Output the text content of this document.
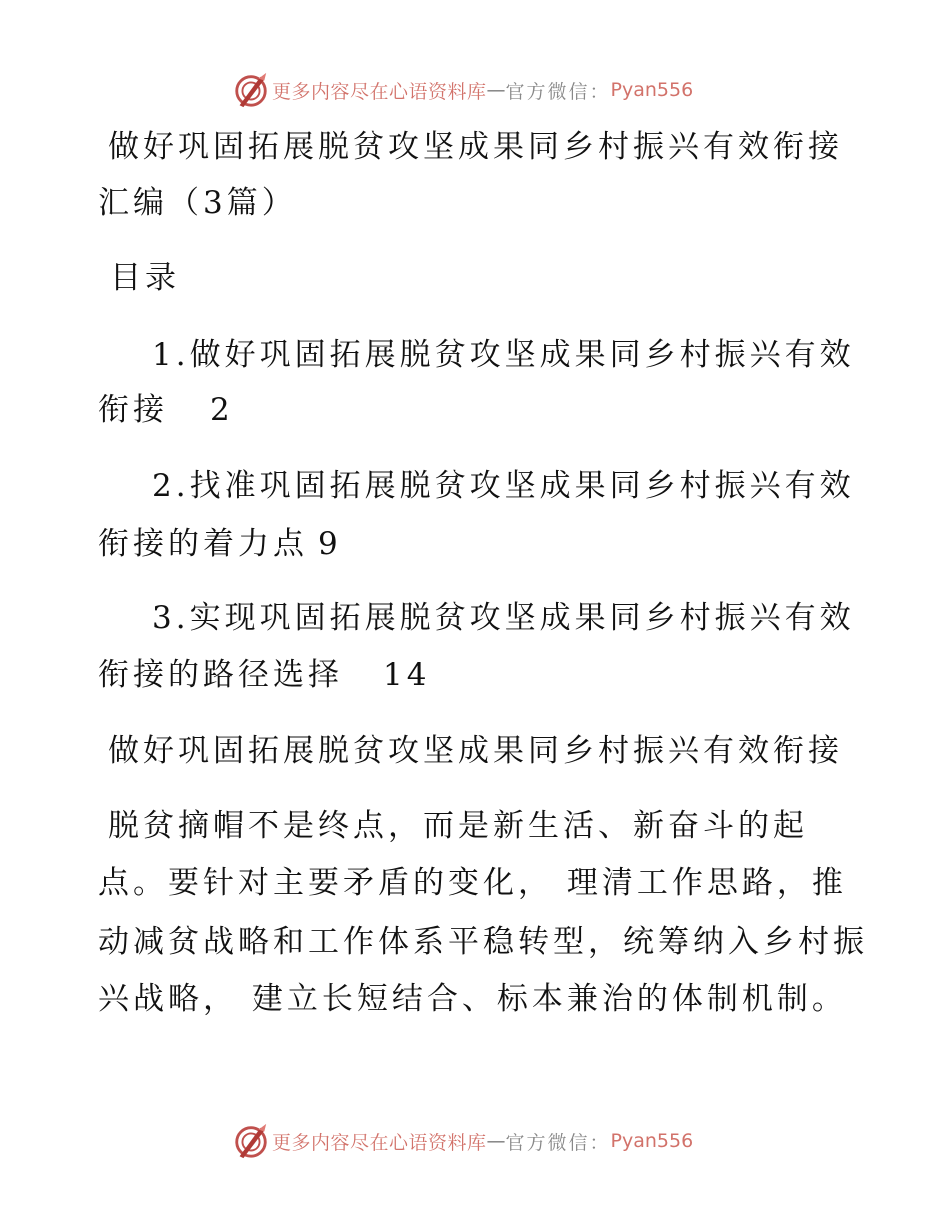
更多内容尽在心语资料库 — 官方微信： Pyan556
做好巩固拓展脱贫攻坚成果同乡村振兴有效衔接
汇编（3篇）
目录
1.做好巩固拓展脱贫攻坚成果同乡村振兴有效
衔接 2
2.找准巩固拓展脱贫攻坚成果同乡村振兴有效
衔接的着力点 9
3.实现巩固拓展脱贫攻坚成果同乡村振兴有效
衔接的路径选择 14
做好巩固拓展脱贫攻坚成果同乡村振兴有效衔接
脱贫摘帽不是终点，而是新生活、新奋斗的起
点。要针对主要矛盾的变化， 理清工作思路，推
动减贫战略和工作体系平稳转型，统筹纳入乡村振
兴战略， 建立长短结合、标本兼治的体制机制。
更多内容尽在心语资料库 — 官方微信： Pyan556
